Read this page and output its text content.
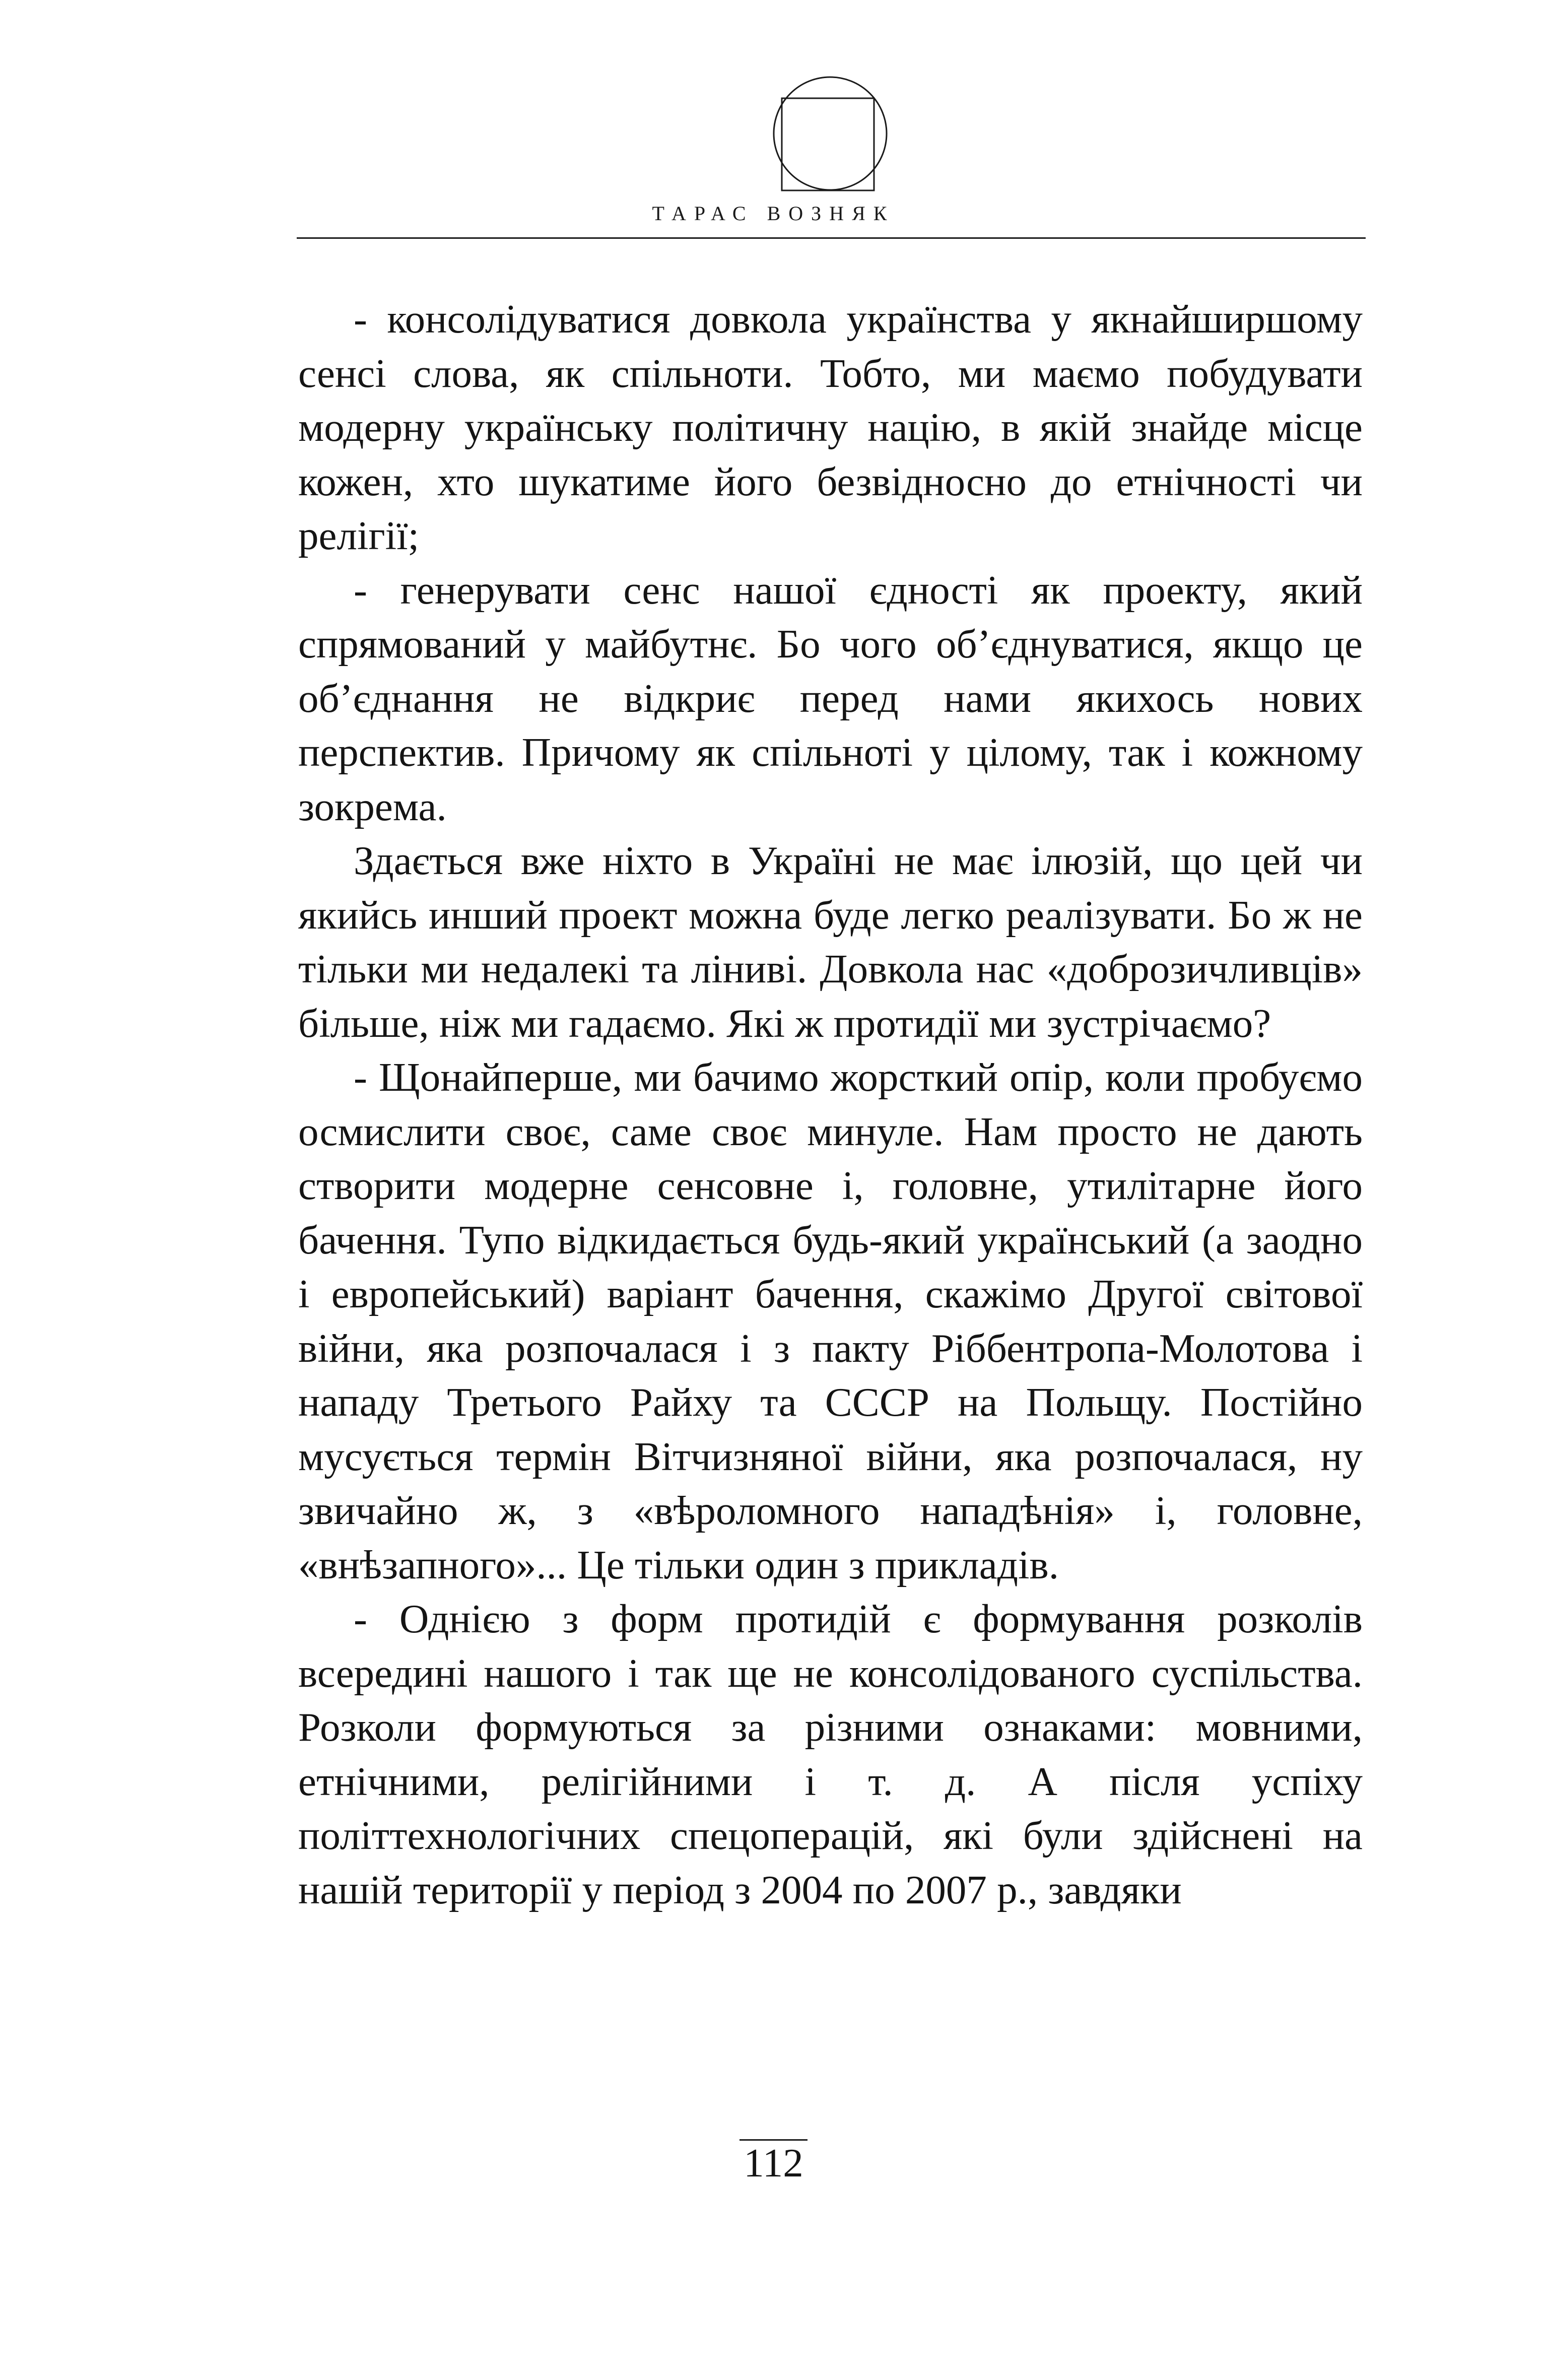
ТАРАС ВОЗНЯК

- консолідуватися довкола українства у якнайширшому сенсі слова, як спільноти. Тобто, ми маємо побудувати модерну українську політичну націю, в якій знайде місце кожен, хто шукатиме його безвідносно до етнічності чи релігії;

- генерувати сенс нашої єдності як проекту, який спрямований у майбутнє. Бо чого об’єднуватися, якщо це об’єднання не відкриє перед нами якихось нових перспектив. Причому як спільноті у цілому, так і кожному зокрема.

Здається вже ніхто в Україні не має ілюзій, що цей чи якийсь инший проект можна буде легко реалізувати. Бо ж не тільки ми недалекі та ліниві. Довкола нас «доброзичливців» більше, ніж ми гадаємо. Які ж протидії ми зустрічаємо?

- Щонайперше, ми бачимо жорсткий опір, коли пробуємо осмислити своє, саме своє минуле. Нам просто не дають створити модерне сенсовне і, головне, утилітарне його бачення. Тупо відкидається будь-який український (а заодно і европейський) варіант бачення, скажімо Другої світової війни, яка розпочалася і з пакту Ріббентропа-Молотова і нападу Третього Райху та СССР на Польщу. Постійно мусується термін Вітчизняної війни, яка розпочалася, ну звичайно ж, з «вѣроломного нападѣнія» і, головне, «внѣзапного»... Це тільки один з прикладів.

- Однією з форм протидій є формування розколів всередині нашого і так ще не консолідованого суспільства. Розколи формуються за різними ознаками: мовними, етнічними, релігійними і т. д. А після успіху політтехнологічних спецоперацій, які були здійснені на нашій території у період з 2004 по 2007 р., завдяки

112
